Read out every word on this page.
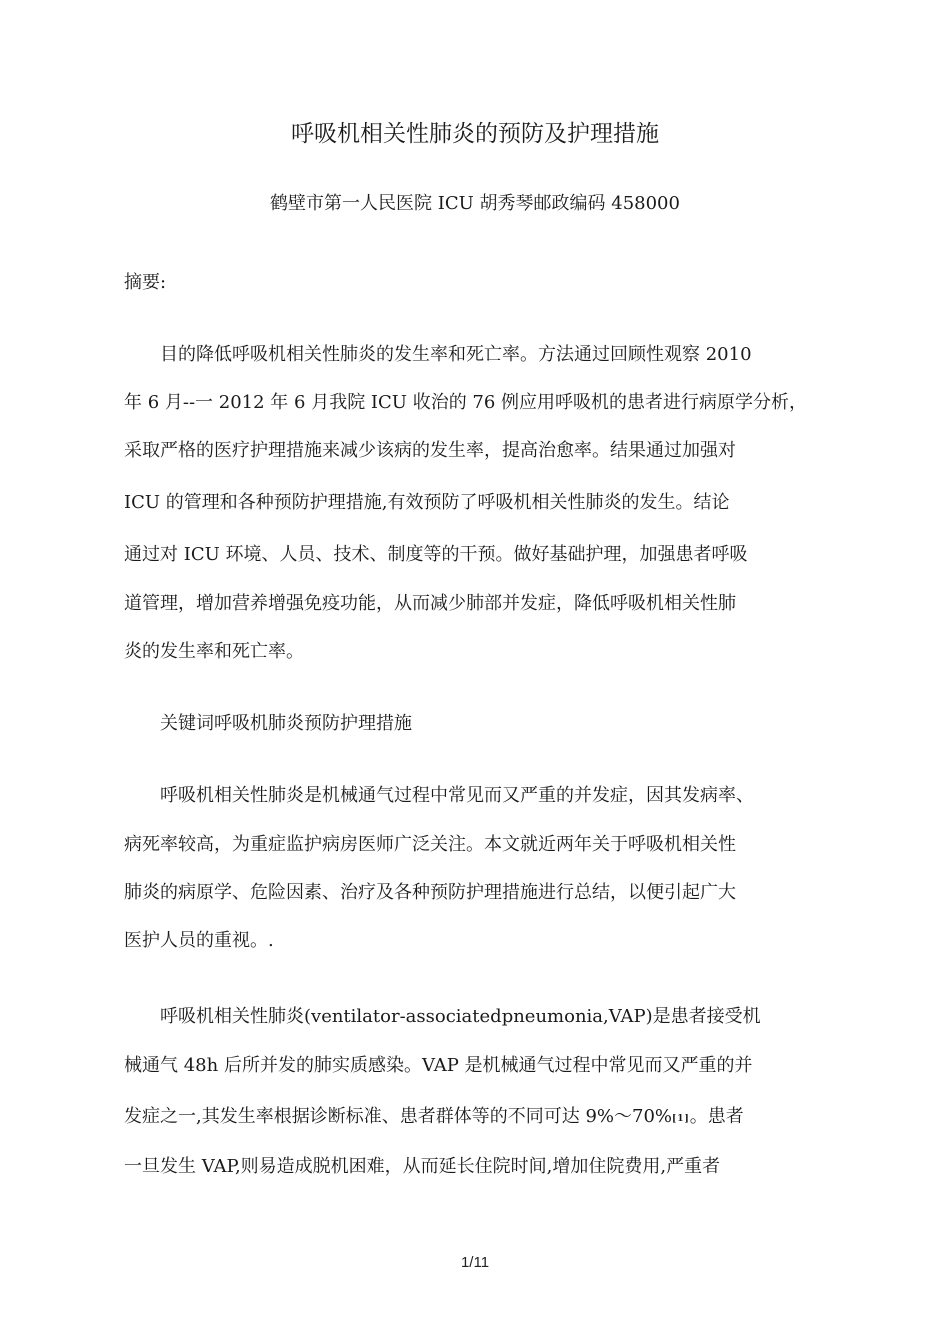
呼吸机相关性肺炎的预防及护理措施

鹤壁市第一人民医院 ICU 胡秀琴邮政编码 458000

摘要:

目的降低呼吸机相关性肺炎的发生率和死亡率。方法通过回顾性观察 2010

年 6 月--一 2012 年 6 月我院 ICU 收治的 76 例应用呼吸机的患者进行病原学分析，

采取严格的医疗护理措施来减少该病的发生率，提高治愈率。结果通过加强对

ICU 的管理和各种预防护理措施,有效预防了呼吸机相关性肺炎的发生。结论

通过对 ICU 环境、人员、技术、制度等的干预。做好基础护理，加强患者呼吸

道管理，增加营养增强免疫功能，从而减少肺部并发症，降低呼吸机相关性肺

炎的发生率和死亡率。

关键词呼吸机肺炎预防护理措施

呼吸机相关性肺炎是机械通气过程中常见而又严重的并发症，因其发病率、

病死率较高，为重症监护病房医师广泛关注。本文就近两年关于呼吸机相关性

肺炎的病原学、危险因素、治疗及各种预防护理措施进行总结，以便引起广大

医护人员的重视。.

呼吸机相关性肺炎(ventilator-associatedpneumonia,VAP)是患者接受机

械通气 48h 后所并发的肺实质感染。VAP 是机械通气过程中常见而又严重的并

发症之一,其发生率根据诊断标准、患者群体等的不同可达 9%～70%[1]。患者

一旦发生 VAP,则易造成脱机困难，从而延长住院时间,增加住院费用,严重者

1/11
